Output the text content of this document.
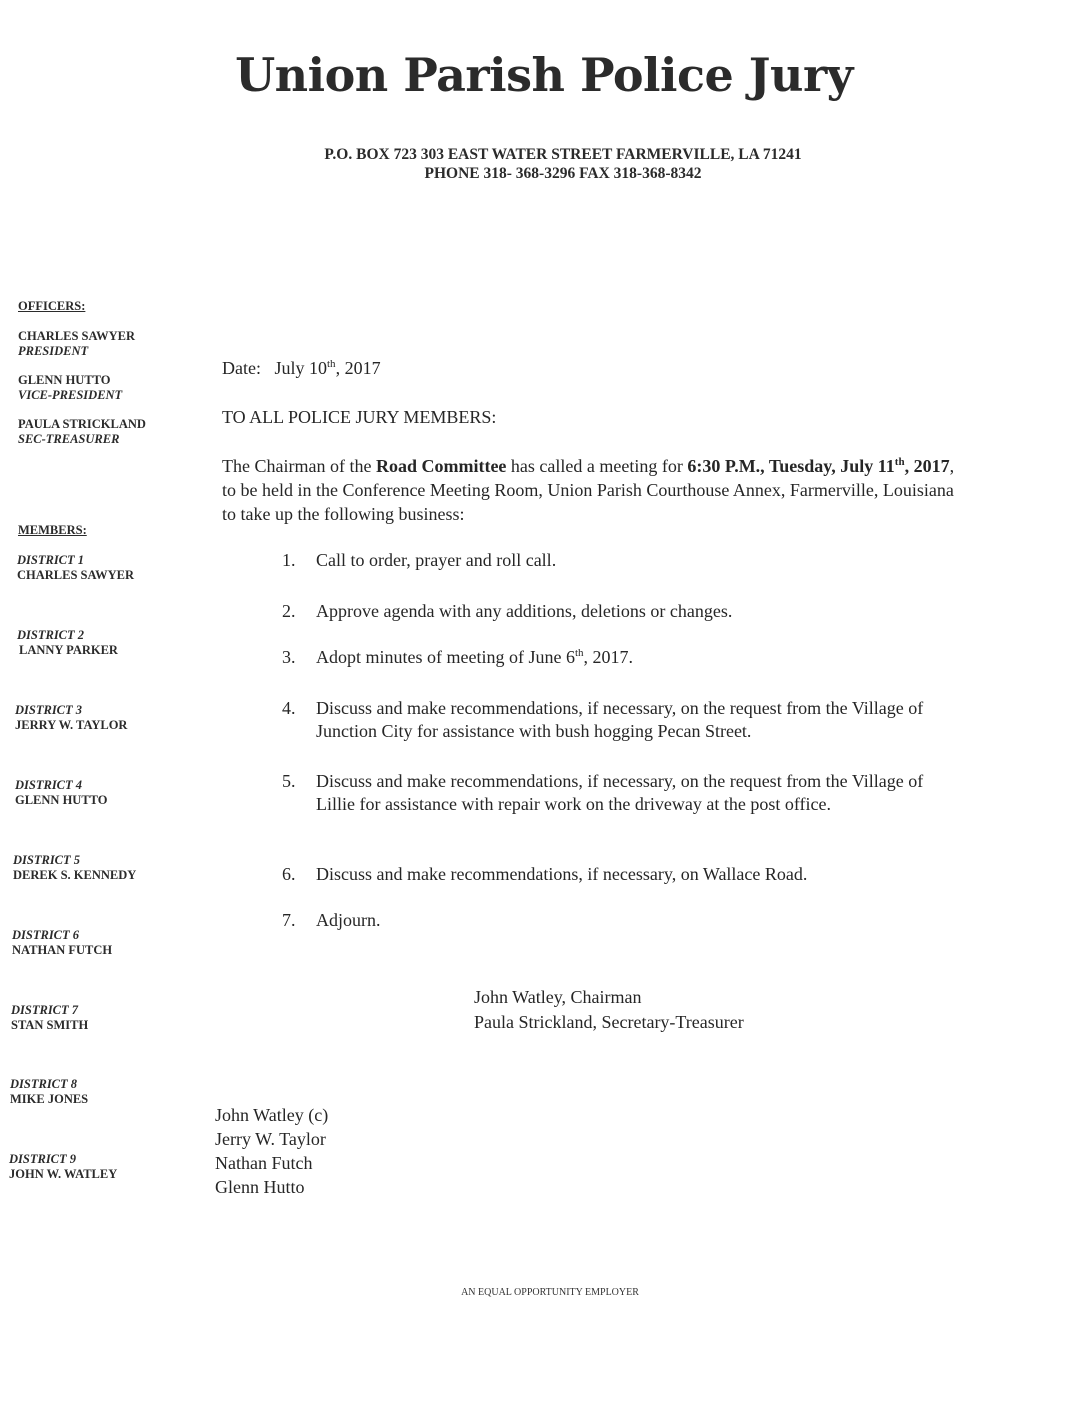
Union Parish Police Jury
P.O. BOX 723 303 EAST WATER STREET FARMERVILLE, LA 71241
PHONE 318- 368-3296 FAX 318-368-8342
OFFICERS:
CHARLES SAWYER
PRESIDENT
GLENN HUTTO
VICE-PRESIDENT
PAULA STRICKLAND
SEC-TREASURER
MEMBERS:
DISTRICT 1
CHARLES SAWYER
DISTRICT 2
LANNY PARKER
DISTRICT 3
JERRY W. TAYLOR
DISTRICT 4
GLENN HUTTO
DISTRICT 5
DEREK S. KENNEDY
DISTRICT 6
NATHAN FUTCH
DISTRICT 7
STAN SMITH
DISTRICT 8
MIKE JONES
DISTRICT 9
JOHN W. WATLEY
Date: July 10th, 2017
TO ALL POLICE JURY MEMBERS:
The Chairman of the Road Committee has called a meeting for 6:30 P.M., Tuesday, July 11th, 2017, to be held in the Conference Meeting Room, Union Parish Courthouse Annex, Farmerville, Louisiana to take up the following business:
1.	Call to order, prayer and roll call.
2.	Approve agenda with any additions, deletions or changes.
3.	Adopt minutes of meeting of June 6th, 2017.
4.	Discuss and make recommendations, if necessary, on the request from the Village of Junction City for assistance with bush hogging Pecan Street.
5.	Discuss and make recommendations, if necessary, on the request from the Village of Lillie for assistance with repair work on the driveway at the post office.
6.	Discuss and make recommendations, if necessary, on Wallace Road.
7.	Adjourn.
John Watley, Chairman
Paula Strickland, Secretary-Treasurer
John Watley (c)
Jerry W. Taylor
Nathan Futch
Glenn Hutto
AN EQUAL OPPORTUNITY EMPLOYER
